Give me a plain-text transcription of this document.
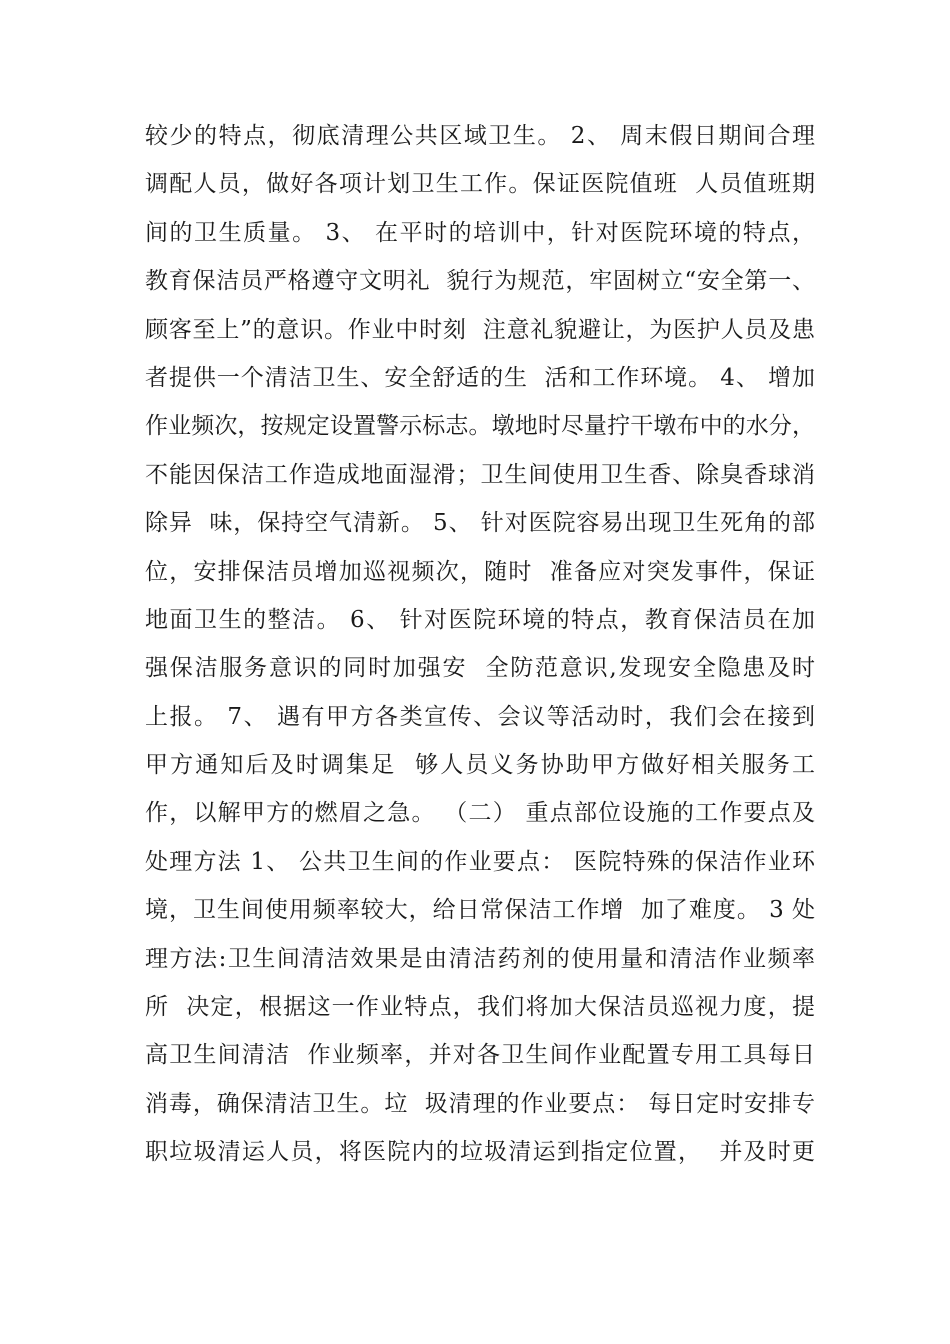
较少的特点，彻底清理公共区域卫生。 2、 周末假日期间合理
调配人员，做好各项计划卫生工作。保证医院值班  人员值班期
间的卫生质量。 3、 在平时的培训中，针对医院环境的特点，
教育保洁员严格遵守文明礼  貌行为规范，牢固树立“安全第一、
顾客至上”的意识。作业中时刻  注意礼貌避让，为医护人员及患
者提供一个清洁卫生、安全舒适的生  活和工作环境。 4、 增加
作业频次，按规定设置警示标志。墩地时尽量拧干墩布中的水分，
不能因保洁工作造成地面湿滑；卫生间使用卫生香、除臭香球消
除异  味，保持空气清新。 5、 针对医院容易出现卫生死角的部
位，安排保洁员增加巡视频次，随时  准备应对突发事件，保证
地面卫生的整洁。 6、 针对医院环境的特点，教育保洁员在加
强保洁服务意识的同时加强安  全防范意识,发现安全隐患及时
上报。 7、 遇有甲方各类宣传、会议等活动时，我们会在接到
甲方通知后及时调集足  够人员义务协助甲方做好相关服务工
作，以解甲方的燃眉之急。 （二） 重点部位设施的工作要点及
处理方法 1、 公共卫生间的作业要点： 医院特殊的保洁作业环
境，卫生间使用频率较大，给日常保洁工作增  加了难度。 3 处
理方法:卫生间清洁效果是由清洁药剂的使用量和清洁作业频率
所  决定，根据这一作业特点，我们将加大保洁员巡视力度，提
高卫生间清洁  作业频率，并对各卫生间作业配置专用工具每日
消毒，确保清洁卫生。垃  圾清理的作业要点： 每日定时安排专
职垃圾清运人员，将医院内的垃圾清运到指定位置，  并及时更
